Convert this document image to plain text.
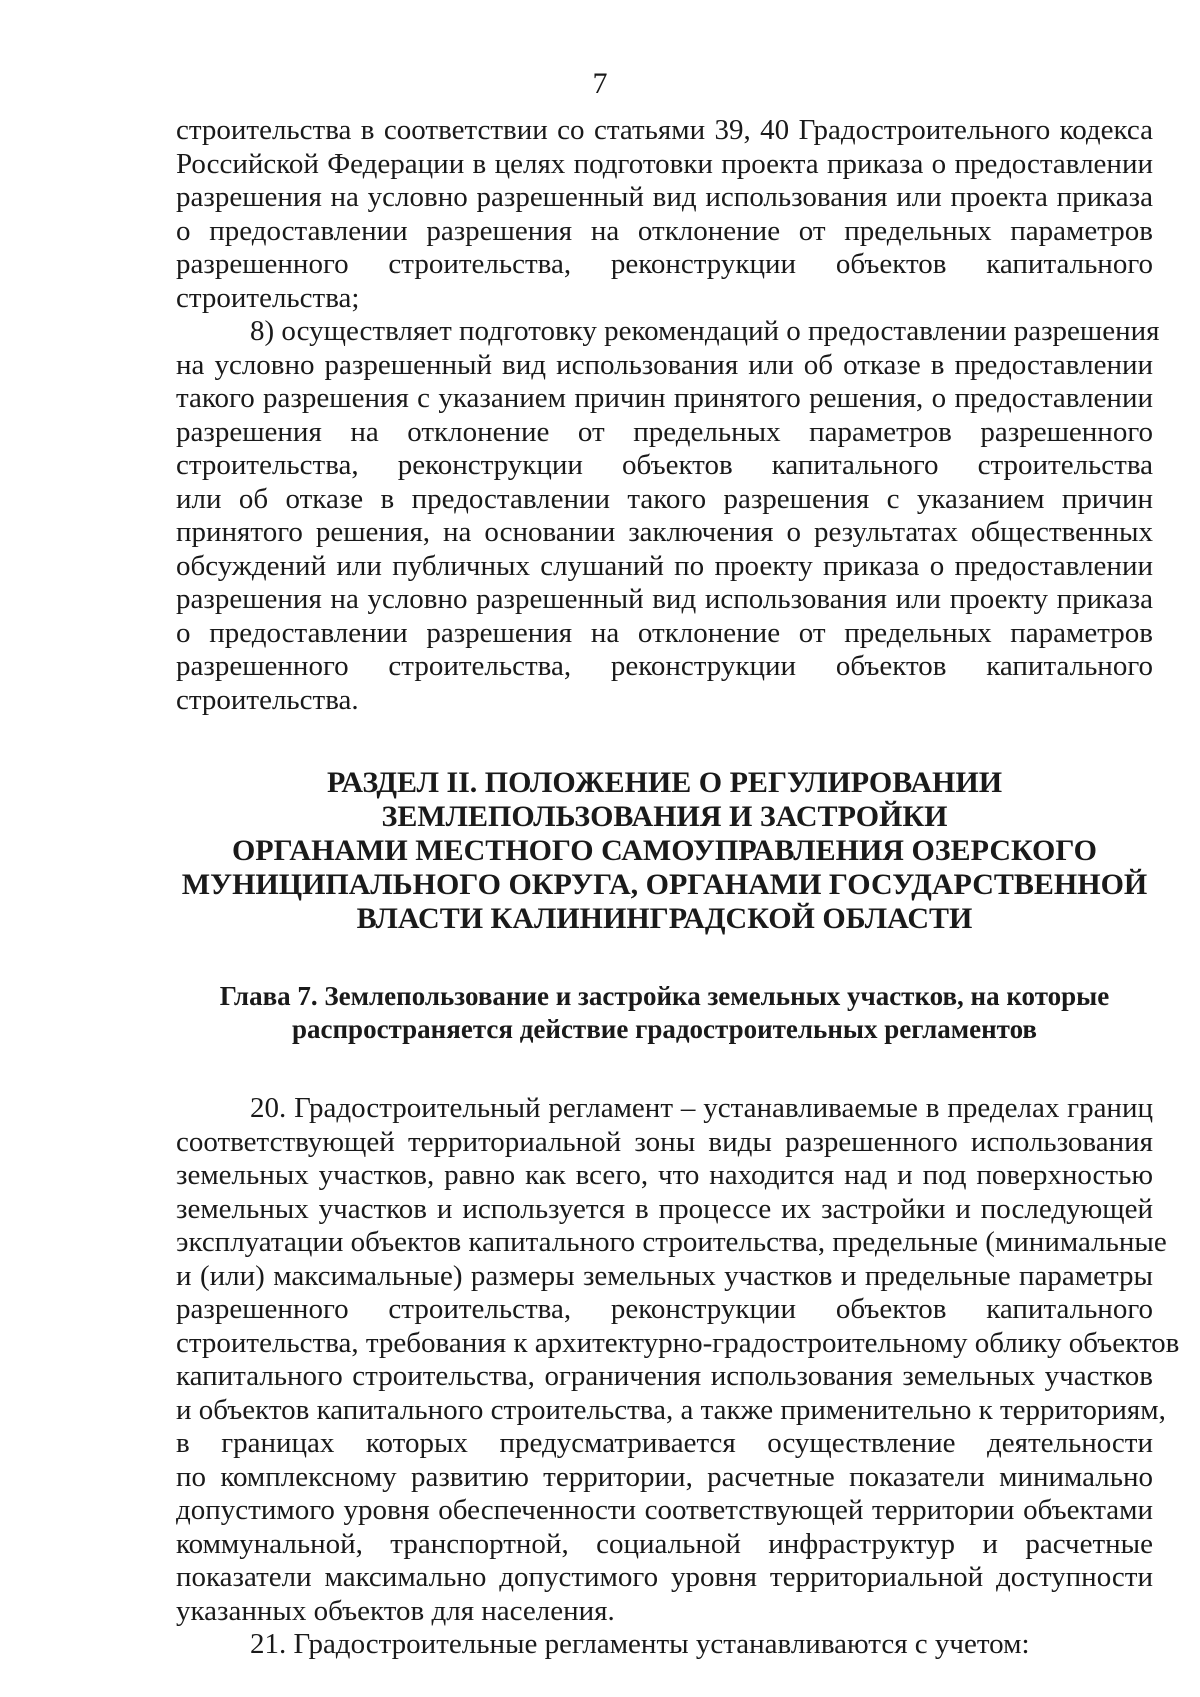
7
строительства в соответствии со статьями 39, 40 Градостроительного кодекса
Российской Федерации в целях подготовки проекта приказа о предоставлении
разрешения на условно разрешенный вид использования или проекта приказа
о предоставлении разрешения на отклонение от предельных параметров
разрешенного строительства, реконструкции объектов капитального
строительства;
8) осуществляет подготовку рекомендаций о предоставлении разрешения
на условно разрешенный вид использования или об отказе в предоставлении
такого разрешения с указанием причин принятого решения, о предоставлении
разрешения на отклонение от предельных параметров разрешенного
строительства, реконструкции объектов капитального строительства
или об отказе в предоставлении такого разрешения с указанием причин
принятого решения, на основании заключения о результатах общественных
обсуждений или публичных слушаний по проекту приказа о предоставлении
разрешения на условно разрешенный вид использования или проекту приказа
о предоставлении разрешения на отклонение от предельных параметров
разрешенного строительства, реконструкции объектов капитального
строительства.
РАЗДЕЛ II. ПОЛОЖЕНИЕ О РЕГУЛИРОВАНИИ
ЗЕМЛЕПОЛЬЗОВАНИЯ И ЗАСТРОЙКИ
ОРГАНАМИ МЕСТНОГО САМОУПРАВЛЕНИЯ ОЗЕРСКОГО
МУНИЦИПАЛЬНОГО ОКРУГА, ОРГАНАМИ ГОСУДАРСТВЕННОЙ
ВЛАСТИ КАЛИНИНГРАДСКОЙ ОБЛАСТИ
Глава 7. Землепользование и застройка земельных участков, на которые
распространяется действие градостроительных регламентов
20. Градостроительный регламент – устанавливаемые в пределах границ
соответствующей территориальной зоны виды разрешенного использования
земельных участков, равно как всего, что находится над и под поверхностью
земельных участков и используется в процессе их застройки и последующей
эксплуатации объектов капитального строительства, предельные (минимальные
и (или) максимальные) размеры земельных участков и предельные параметры
разрешенного строительства, реконструкции объектов капитального
строительства, требования к архитектурно-градостроительному облику объектов
капитального строительства, ограничения использования земельных участков
и объектов капитального строительства, а также применительно к территориям,
в границах которых предусматривается осуществление деятельности
по комплексному развитию территории, расчетные показатели минимально
допустимого уровня обеспеченности соответствующей территории объектами
коммунальной, транспортной, социальной инфраструктур и расчетные
показатели максимально допустимого уровня территориальной доступности
указанных объектов для населения.
21. Градостроительные регламенты устанавливаются с учетом:
